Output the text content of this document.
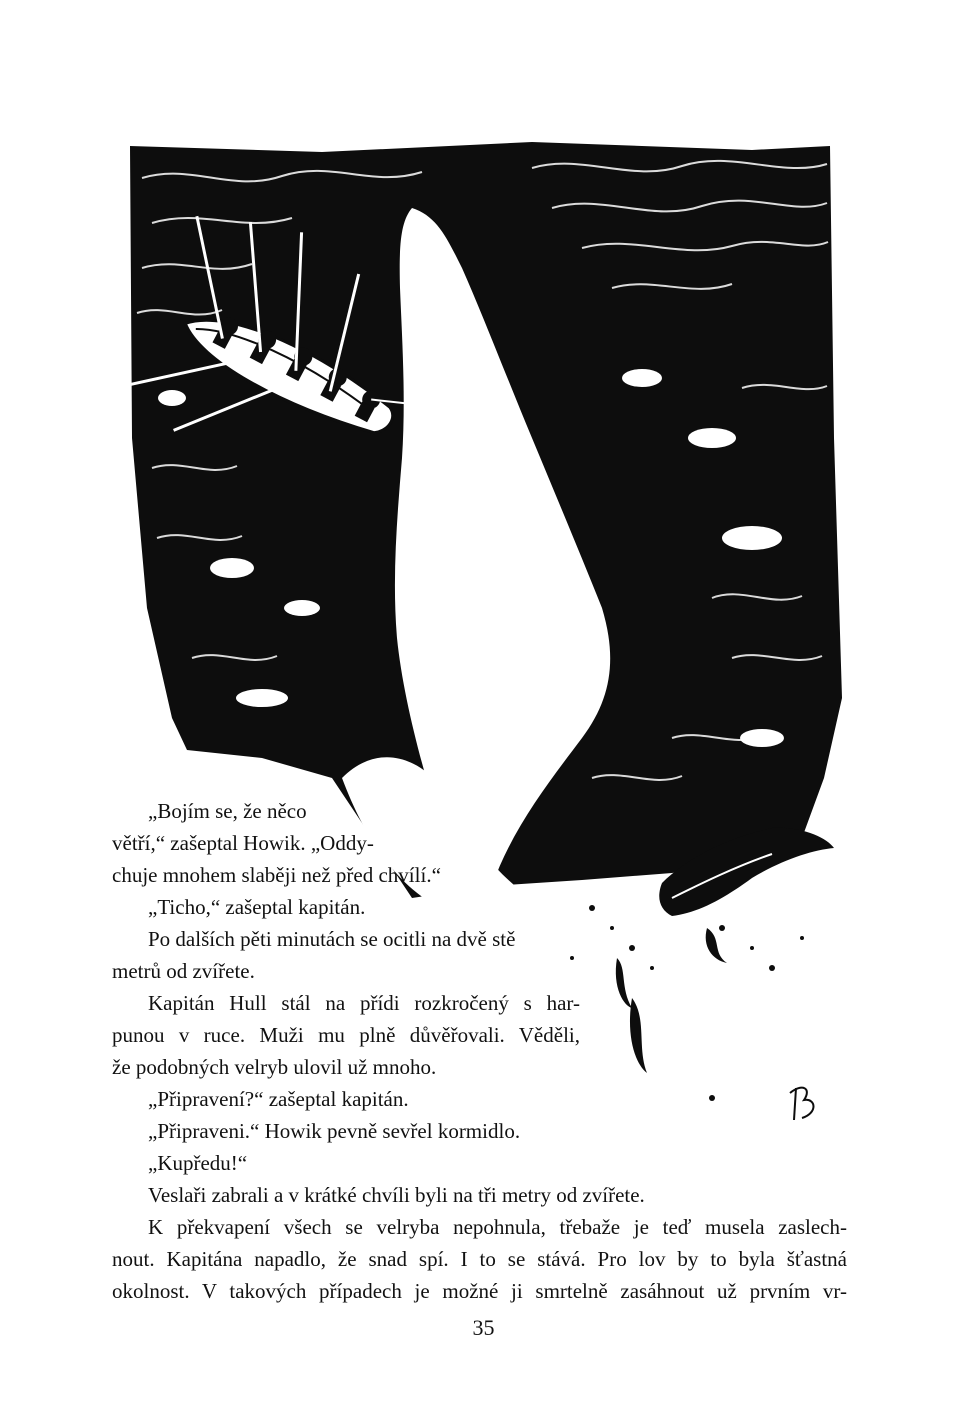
„Bojím se, že něco

větří,“ zašeptal Howik. „Oddy-

chuje mnohem slaběji než před chvílí.“

„Ticho,“ zašeptal kapitán.

Po dalších pěti minutách se ocitli na dvě stě

metrů od zvířete.

Kapitán Hull stál na přídi rozkročený s har-

punou v ruce. Muži mu plně důvěřovali. Věděli,

že podobných velryb ulovil už mnoho.

„Připravení?“ zašeptal kapitán.

„Připraveni.“ Howik pevně sevřel kormidlo.

„Kupředu!“

Veslaři zabrali a v krátké chvíli byli na tři metry od zvířete.

K překvapení všech se velryba nepohnula, třebaže je teď musela zaslech-

nout. Kapitána napadlo, že snad spí. I to se stává. Pro lov by to byla šťastná

okolnost. V takových případech je možné ji smrtelně zasáhnout už prvním vr-

35
